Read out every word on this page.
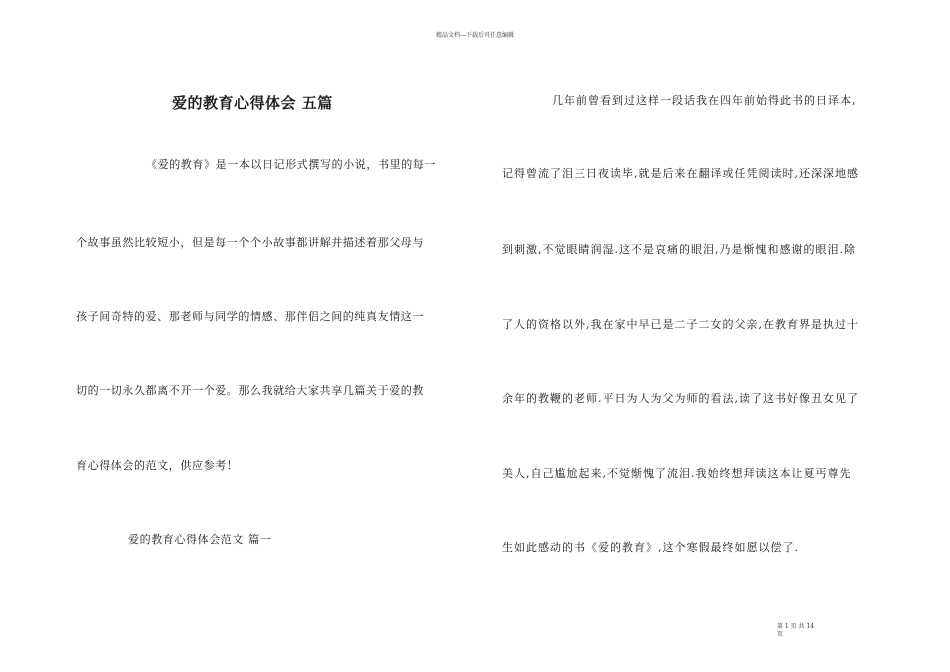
精品文档---下载后可任意编辑
爱的教育心得体会 五篇
《爱的教育》是一本以日记形式撰写的小说，书里的每一
个故事虽然比较短小，但是每一个个小故事都讲解并描述着那父母与
孩子间奇特的爱、那老师与同学的情感、那伴侣之间的纯真友情这一
切的一切永久都离不开一个爱。那么我就给大家共享几篇关于爱的教
育心得体会的范文，供应参考！
爱的教育心得体会范文 篇一
几年前曾看到过这样一段话我在四年前始得此书的日译本,
记得曾流了泪三日夜读毕,就是后来在翻译或任凭阅读时,还深深地感
到刺激,不觉眼睛润湿.这不是哀痛的眼泪,乃是惭愧和感谢的眼泪.除
了人的资格以外,我在家中早已是二子二女的父亲,在教育界是执过十
余年的教鞭的老师.平日为人为父为师的看法,读了这书好像丑女见了
美人,自己尴尬起来,不觉惭愧了流泪.我始终想拜读这本让夏丐尊先
生如此感动的书《爱的教育》,这个寒假最终如愿以偿了.
第 1 页 共 14
页
